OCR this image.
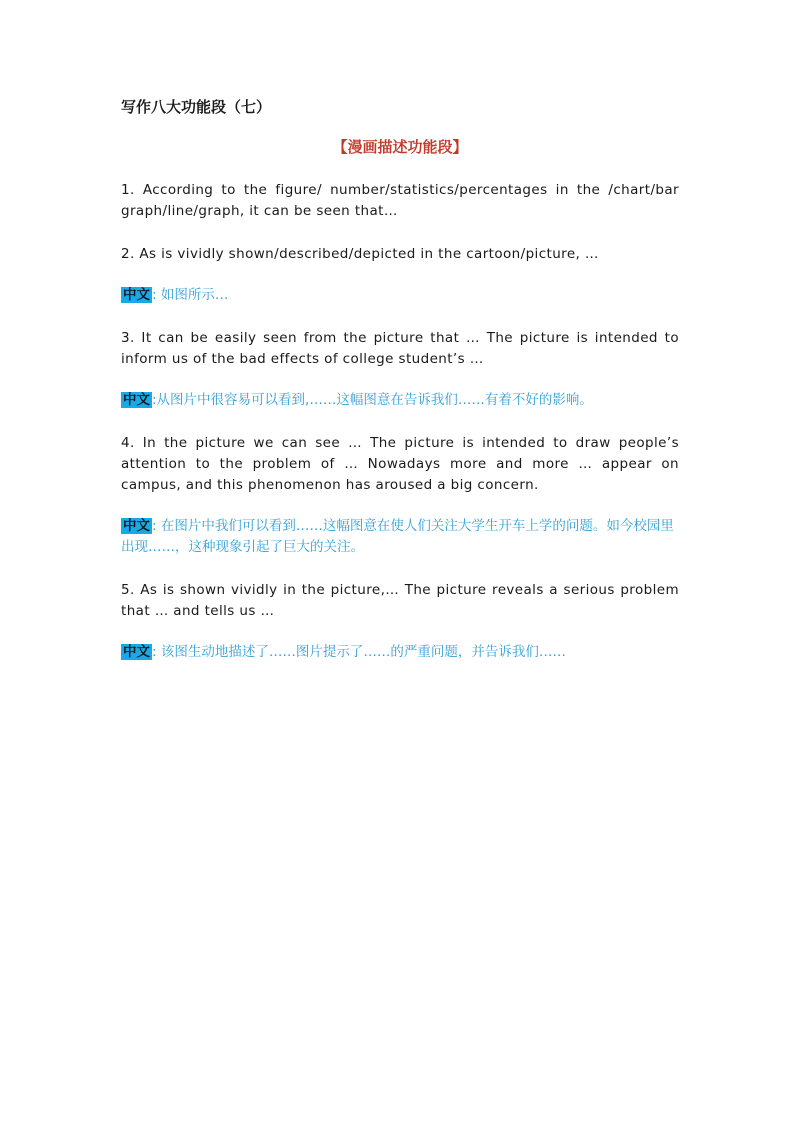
写作八大功能段（七）
【漫画描述功能段】

1. According to the figure/ number/statistics/percentages in the /chart/bar graph/line/graph, it can be seen that…

2. As is vividly shown/described/depicted in the cartoon/picture, …

中文 : 如图所示…

3. It can be easily seen from the picture that … The picture is intended to inform us of the bad effects of college student’s …

中文 :从图片中很容易可以看到,……这幅图意在告诉我们……有着不好的影响。

4. In the picture we can see … The picture is intended to draw people’s attention to the problem of … Nowadays more and more … appear on campus, and this phenomenon has aroused a big concern.

中文 : 在图片中我们可以看到……这幅图意在使人们关注大学生开车上学的问题。如今校园里出现……，这种现象引起了巨大的关注。

5. As is shown vividly in the picture,… The picture reveals a serious problem that … and tells us …

中文 : 该图生动地描述了……图片提示了……的严重问题，并告诉我们……
